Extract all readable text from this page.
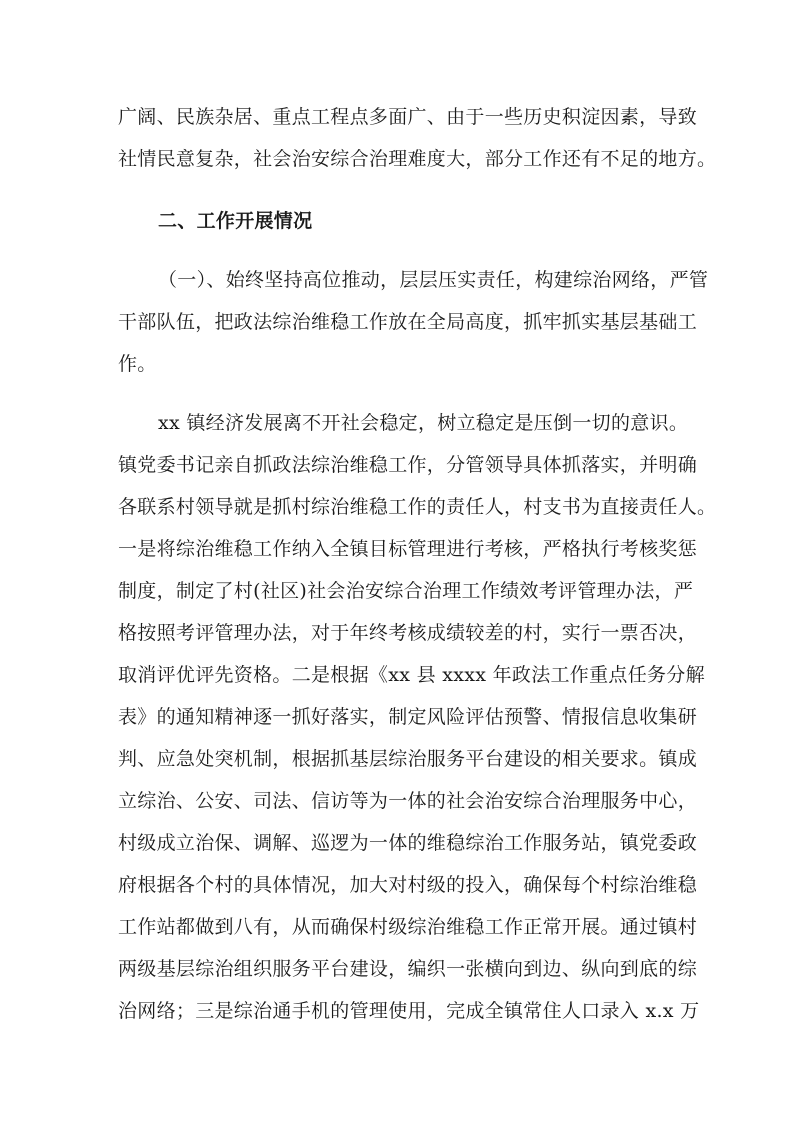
广阔、民族杂居、重点工程点多面广、由于一些历史积淀因素，导致
社情民意复杂，社会治安综合治理难度大，部分工作还有不足的地方。
二、工作开展情况
（一）、始终坚持高位推动，层层压实责任，构建综治网络，严管
干部队伍，把政法综治维稳工作放在全局高度，抓牢抓实基层基础工
作。
xx 镇经济发展离不开社会稳定，树立稳定是压倒一切的意识。
镇党委书记亲自抓政法综治维稳工作，分管领导具体抓落实，并明确
各联系村领导就是抓村综治维稳工作的责任人，村支书为直接责任人。
一是将综治维稳工作纳入全镇目标管理进行考核，严格执行考核奖惩
制度，制定了村(社区)社会治安综合治理工作绩效考评管理办法，严
格按照考评管理办法，对于年终考核成绩较差的村，实行一票否决，
取消评优评先资格。二是根据《xx 县 xxxx 年政法工作重点任务分解
表》的通知精神逐一抓好落实，制定风险评估预警、情报信息收集研
判、应急处突机制，根据抓基层综治服务平台建设的相关要求。镇成
立综治、公安、司法、信访等为一体的社会治安综合治理服务中心，
村级成立治保、调解、巡逻为一体的维稳综治工作服务站，镇党委政
府根据各个村的具体情况，加大对村级的投入，确保每个村综治维稳
工作站都做到八有，从而确保村级综治维稳工作正常开展。通过镇村
两级基层综治组织服务平台建设，编织一张横向到边、纵向到底的综
治网络；三是综治通手机的管理使用，完成全镇常住人口录入 x.x 万
